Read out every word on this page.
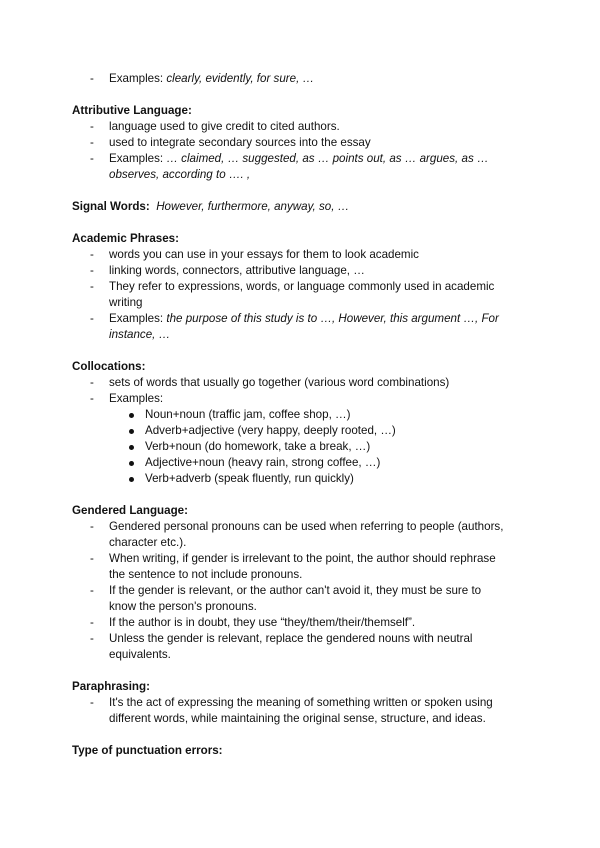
- Examples: clearly, evidently, for sure, …
Attributive Language:
- language used to give credit to cited authors.
- used to integrate secondary sources into the essay
- Examples: … claimed, … suggested, as … points out, as … argues, as …
observes, according to …. ,
Signal Words: However, furthermore, anyway, so, …
Academic Phrases:
- words you can use in your essays for them to look academic
- linking words, connectors, attributive language, …
- They refer to expressions, words, or language commonly used in academic
writing
- Examples: the purpose of this study is to …, However, this argument …, For
instance, …
Collocations:
- sets of words that usually go together (various word combinations)
- Examples:
Noun+noun (traffic jam, coffee shop, …)
Adverb+adjective (very happy, deeply rooted, …)
Verb+noun (do homework, take a break, …)
Adjective+noun (heavy rain, strong coffee, …)
Verb+adverb (speak fluently, run quickly)
Gendered Language:
- Gendered personal pronouns can be used when referring to people (authors,
character etc.).
- When writing, if gender is irrelevant to the point, the author should rephrase
the sentence to not include pronouns.
- If the gender is relevant, or the author can't avoid it, they must be sure to
know the person's pronouns.
- If the author is in doubt, they use “they/them/their/themself”.
- Unless the gender is relevant, replace the gendered nouns with neutral
equivalents.
Paraphrasing:
- It's the act of expressing the meaning of something written or spoken using
different words, while maintaining the original sense, structure, and ideas.
Type of punctuation errors:
